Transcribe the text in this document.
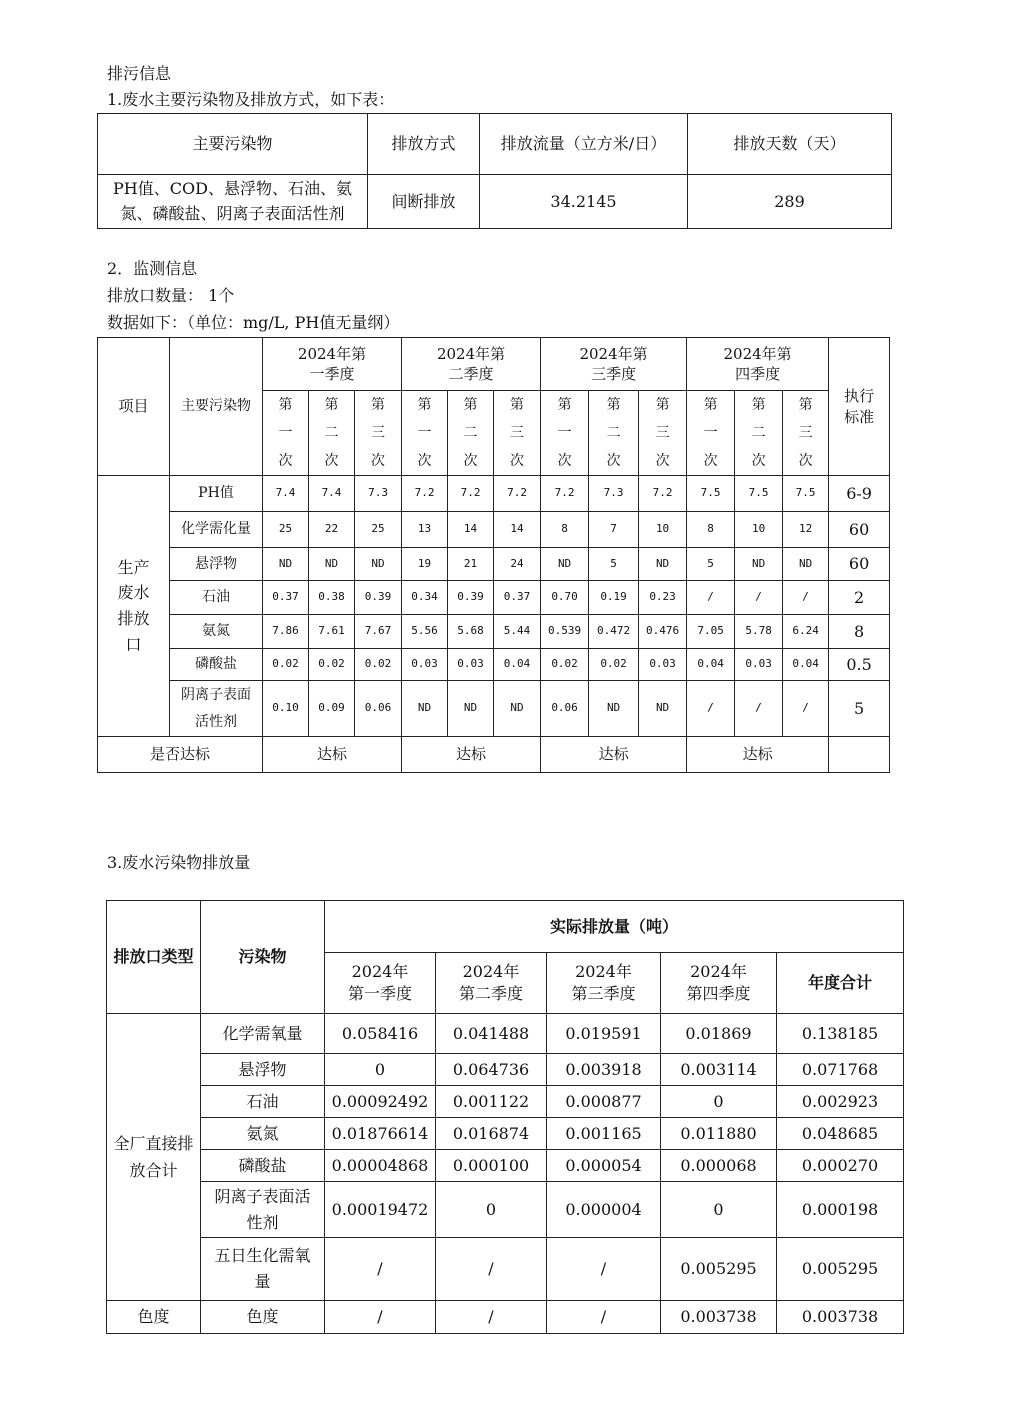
排污信息
1.废水主要污染物及排放方式，如下表：
主要污染物	排放方式	排放流量（立方米/日）	排放天数（天）
PH值、COD、悬浮物、石油、氨氮、磷酸盐、阴离子表面活性剂	间断排放	34.2145	289
2．监测信息
排放口数量： 1个
数据如下：（单位：mg/L, PH值无量纲）
项目	主要污染物	2024年第一季度			2024年第二季度			2024年第三季度			2024年第四季度			执行标准
		第一次	第二次	第三次	第一次	第二次	第三次	第一次	第二次	第三次	第一次	第二次	第三次	
生产废水排放口	PH值	7.4	7.4	7.3	7.2	7.2	7.2	7.2	7.3	7.2	7.5	7.5	7.5	6-9
	化学需化量	25	22	25	13	14	14	8	7	10	8	10	12	60
	悬浮物	ND	ND	ND	19	21	24	ND	5	ND	5	ND	ND	60
	石油	0.37	0.38	0.39	0.34	0.39	0.37	0.70	0.19	0.23	/	/	/	2
	氨氮	7.86	7.61	7.67	5.56	5.68	5.44	0.539	0.472	0.476	7.05	5.78	6.24	8
	磷酸盐	0.02	0.02	0.02	0.03	0.03	0.04	0.02	0.02	0.03	0.04	0.03	0.04	0.5
	阴离子表面活性剂	0.10	0.09	0.06	ND	ND	ND	0.06	ND	ND	/	/	/	5
是否达标		达标			达标			达标			达标			
3.废水污染物排放量
排放口类型	污染物	实际排放量（吨）				
		2024年第一季度	2024年第二季度	2024年第三季度	2024年第四季度	年度合计
全厂直接排放合计	化学需氧量	0.058416	0.041488	0.019591	0.01869	0.138185
	悬浮物	0	0.064736	0.003918	0.003114	0.071768
	石油	0.00092492	0.001122	0.000877	0	0.002923
	氨氮	0.01876614	0.016874	0.001165	0.011880	0.048685
	磷酸盐	0.00004868	0.000100	0.000054	0.000068	0.000270
	阴离子表面活性剂	0.00019472	0	0.000004	0	0.000198
	五日生化需氧量	/	/	/	0.005295	0.005295
色度	色度	/	/	/	0.003738	0.003738
